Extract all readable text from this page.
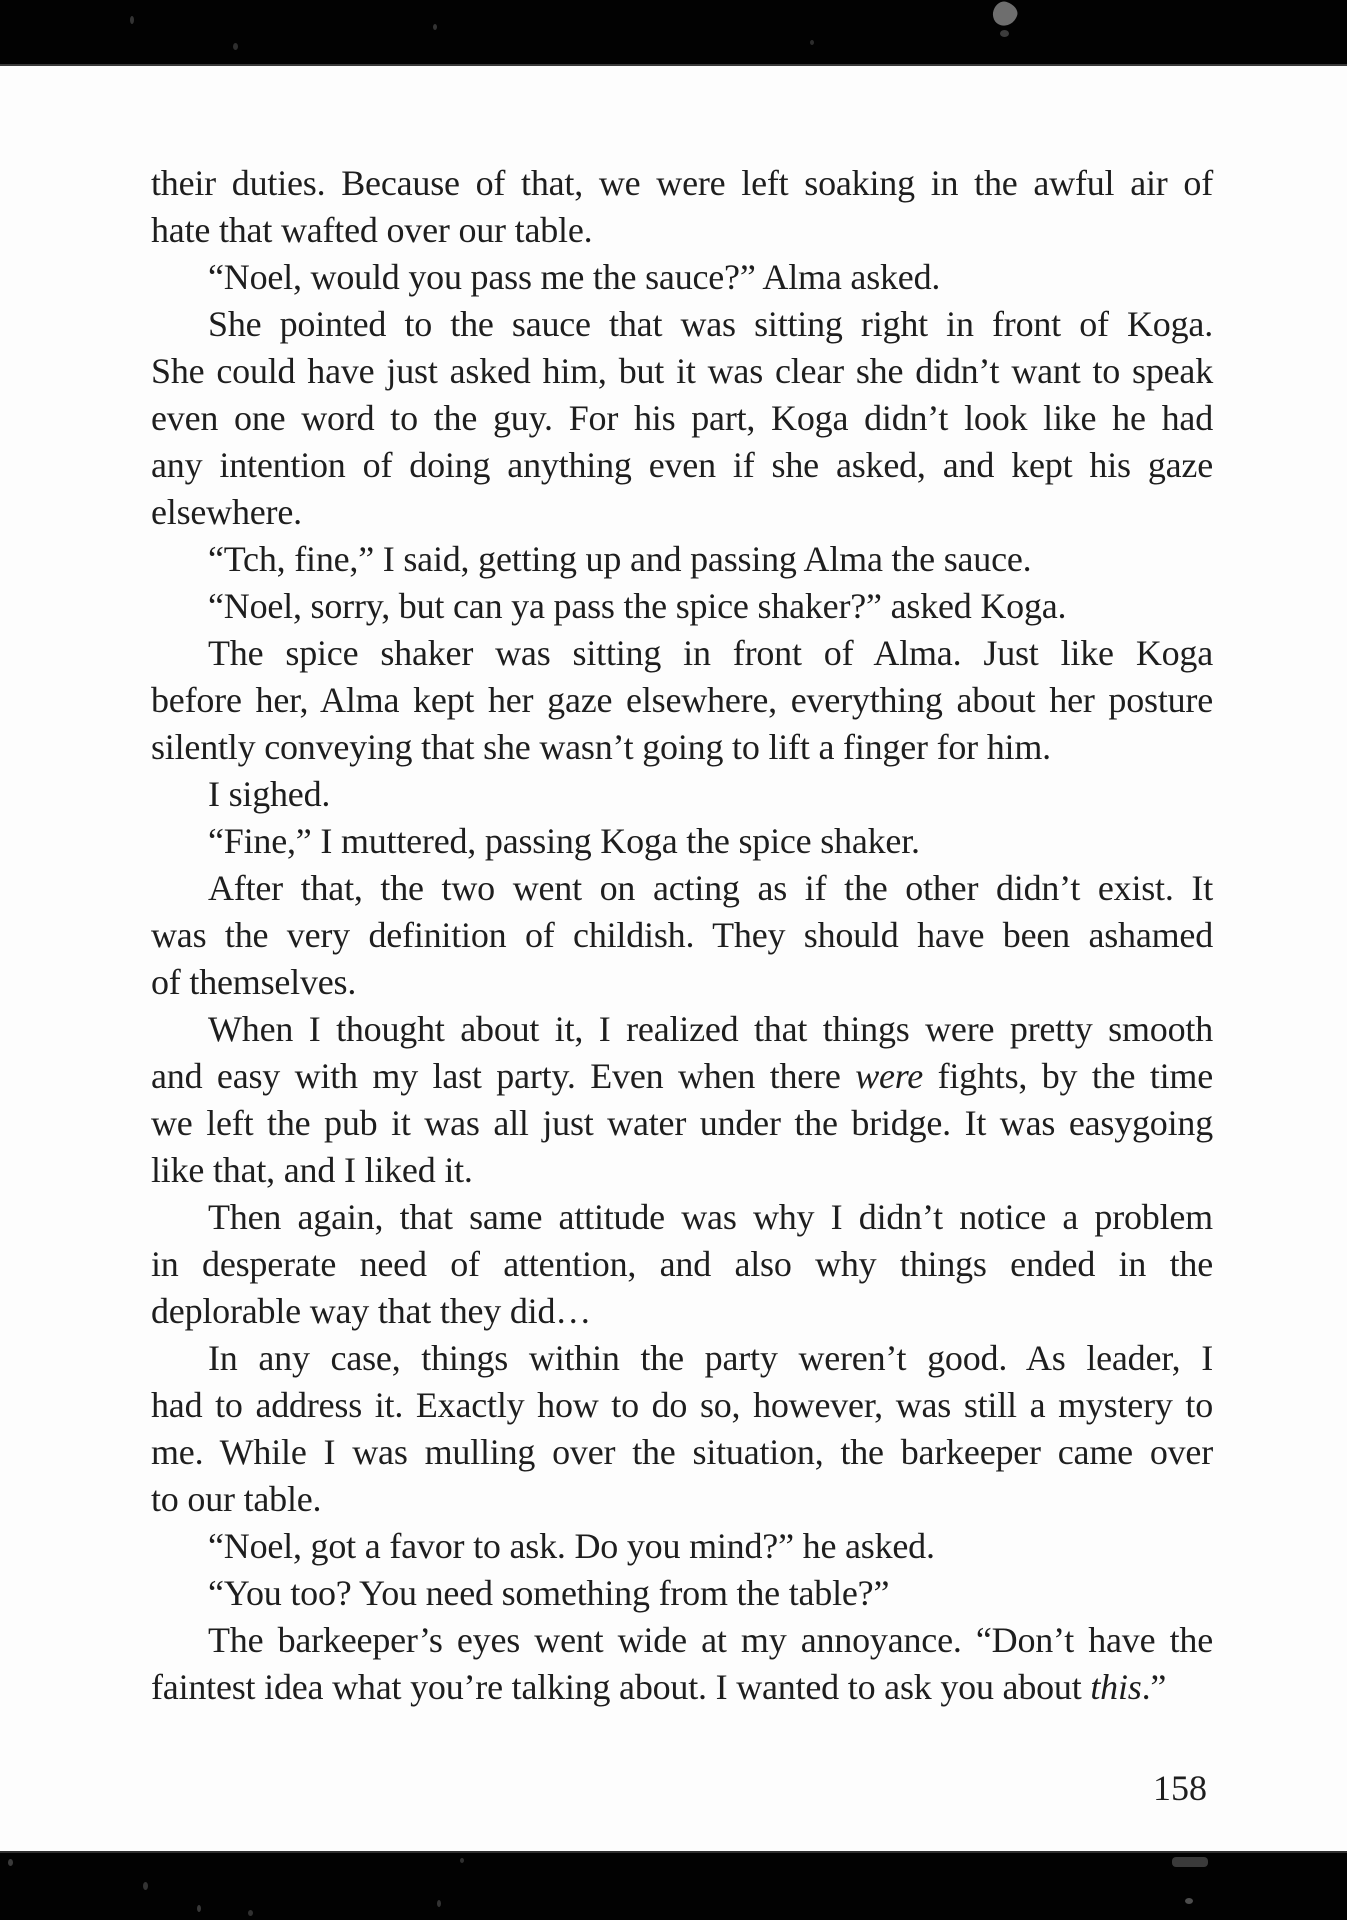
their duties. Because of that, we were left soaking in the awful air of
hate that wafted over our table.
“Noel, would you pass me the sauce?” Alma asked.
She pointed to the sauce that was sitting right in front of Koga.
She could have just asked him, but it was clear she didn’t want to speak
even one word to the guy. For his part, Koga didn’t look like he had
any intention of doing anything even if she asked, and kept his gaze
elsewhere.
“Tch, fine,” I said, getting up and passing Alma the sauce.
“Noel, sorry, but can ya pass the spice shaker?” asked Koga.
The spice shaker was sitting in front of Alma. Just like Koga
before her, Alma kept her gaze elsewhere, everything about her posture
silently conveying that she wasn’t going to lift a finger for him.
I sighed.
“Fine,” I muttered, passing Koga the spice shaker.
After that, the two went on acting as if the other didn’t exist. It
was the very definition of childish. They should have been ashamed
of themselves.
When I thought about it, I realized that things were pretty smooth
and easy with my last party. Even when there were fights, by the time
we left the pub it was all just water under the bridge. It was easygoing
like that, and I liked it.
Then again, that same attitude was why I didn’t notice a problem
in desperate need of attention, and also why things ended in the
deplorable way that they did…
In any case, things within the party weren’t good. As leader, I
had to address it. Exactly how to do so, however, was still a mystery to
me. While I was mulling over the situation, the barkeeper came over
to our table.
“Noel, got a favor to ask. Do you mind?” he asked.
“You too? You need something from the table?”
The barkeeper’s eyes went wide at my annoyance. “Don’t have the
faintest idea what you’re talking about. I wanted to ask you about this.”
158
